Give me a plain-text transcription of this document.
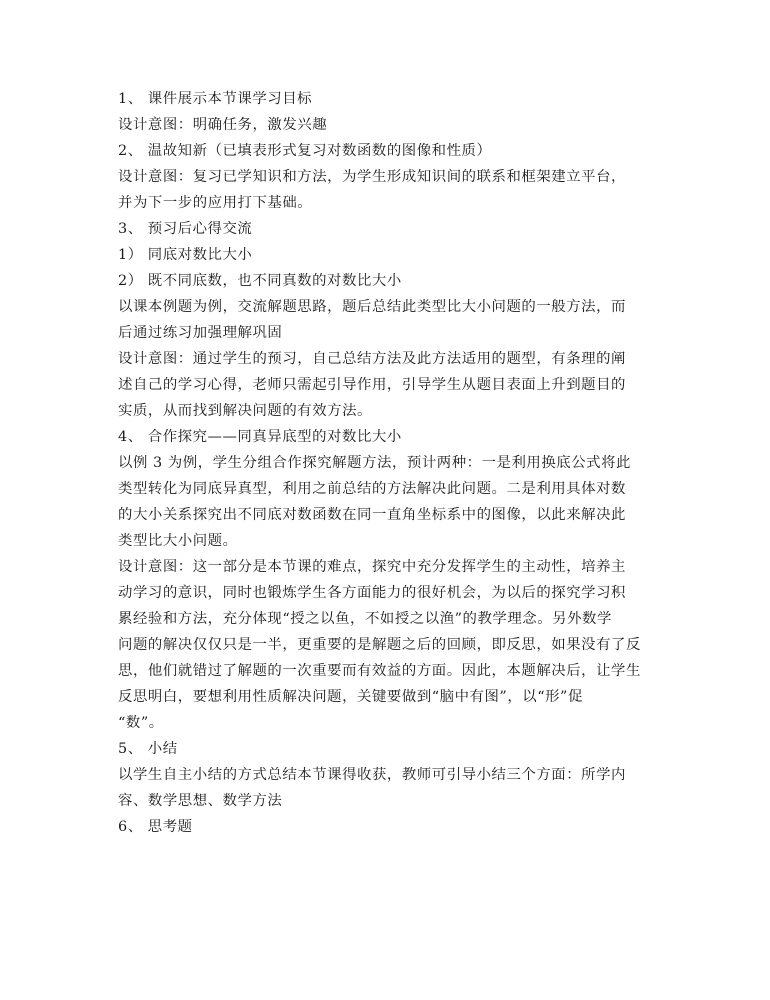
1、 课件展示本节课学习目标
设计意图：明确任务，激发兴趣
2、 温故知新（已填表形式复习对数函数的图像和性质）
设计意图：复习已学知识和方法，为学生形成知识间的联系和框架建立平台，
并为下一步的应用打下基础。
3、 预习后心得交流
1） 同底对数比大小
2） 既不同底数，也不同真数的对数比大小
以课本例题为例，交流解题思路，题后总结此类型比大小问题的一般方法，而
后通过练习加强理解巩固
设计意图：通过学生的预习，自己总结方法及此方法适用的题型，有条理的阐
述自己的学习心得，老师只需起引导作用，引导学生从题目表面上升到题目的
实质，从而找到解决问题的有效方法。
4、 合作探究——同真异底型的对数比大小
以例 3 为例，学生分组合作探究解题方法，预计两种：一是利用换底公式将此
类型转化为同底异真型，利用之前总结的方法解决此问题。二是利用具体对数
的大小关系探究出不同底对数函数在同一直角坐标系中的图像，以此来解决此
类型比大小问题。
设计意图：这一部分是本节课的难点，探究中充分发挥学生的主动性，培养主
动学习的意识，同时也锻炼学生各方面能力的很好机会，为以后的探究学习积
累经验和方法，充分体现“授之以鱼，不如授之以渔”的教学理念。另外数学
问题的解决仅仅只是一半，更重要的是解题之后的回顾，即反思，如果没有了反
思，他们就错过了解题的一次重要而有效益的方面。因此，本题解决后，让学生
反思明白，要想利用性质解决问题，关键要做到“脑中有图”，以“形”促
“数”。
5、 小结
以学生自主小结的方式总结本节课得收获，教师可引导小结三个方面：所学内
容、数学思想、数学方法
6、 思考题
